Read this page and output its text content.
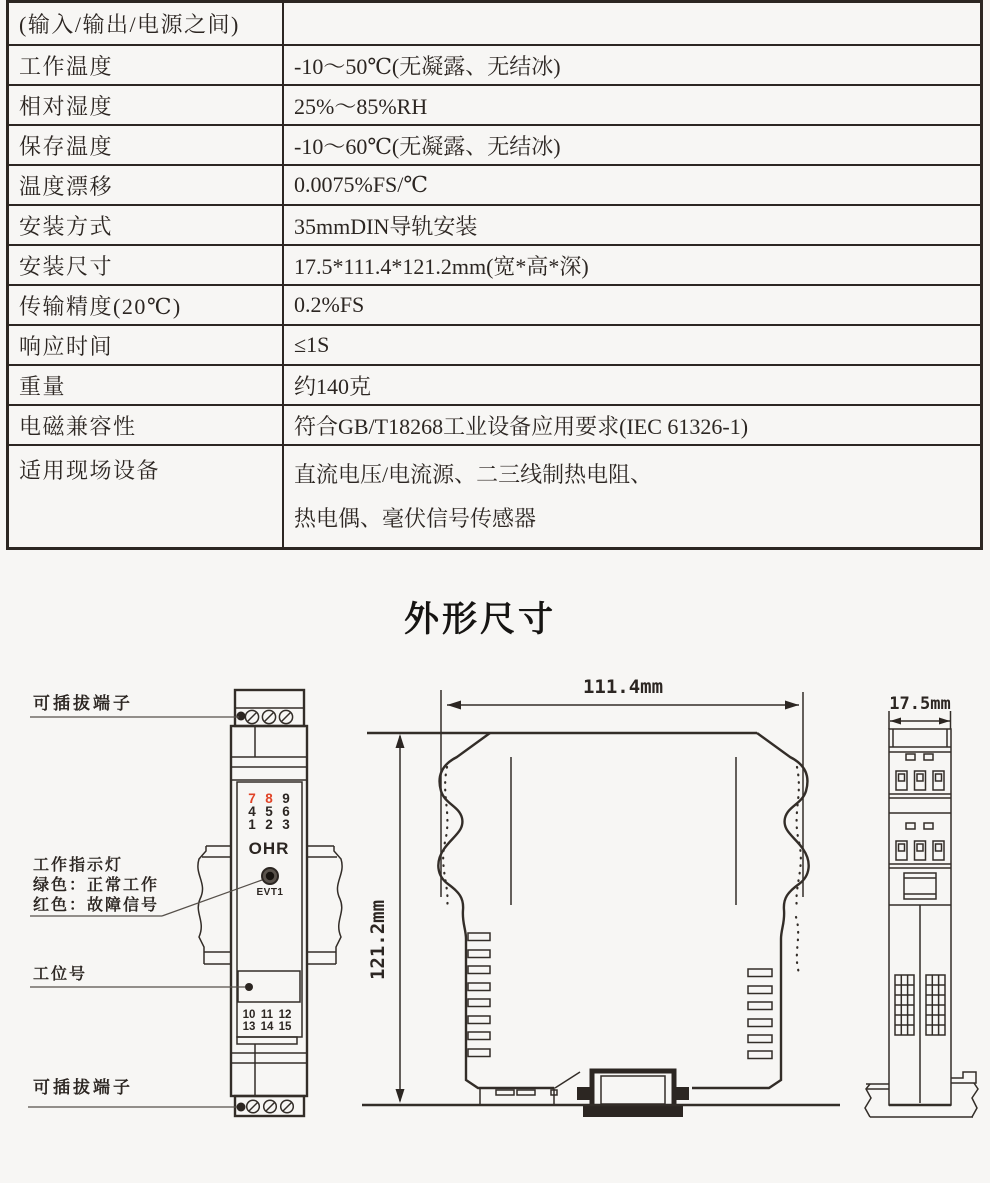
(输入/输出/电源之间)	
工作温度	-10～50℃(无凝露、无结冰)
相对湿度	25%～85%RH
保存温度	-10～60℃(无凝露、无结冰)
温度漂移	0.0075%FS/℃
安装方式	35mmDIN导轨安装
安装尺寸	17.5*111.4*121.2mm(宽*高*深)
传输精度(20℃)	0.2%FS
响应时间	≤1S
重量	约140克
电磁兼容性	符合GB/T18268工业设备应用要求(IEC 61326-1)
适用现场设备	直流电压/电流源、二三线制热电阻、
热电偶、毫伏信号传感器
外形尺寸
7 8 9
4 5 6
1 2 3
OHR
EVT1
10 11 12
13 14 15
可插拔端子
工作指示灯
绿色：正常工作
红色：故障信号
工位号
可插拔端子
111.4mm
121.2mm
17.5mm
